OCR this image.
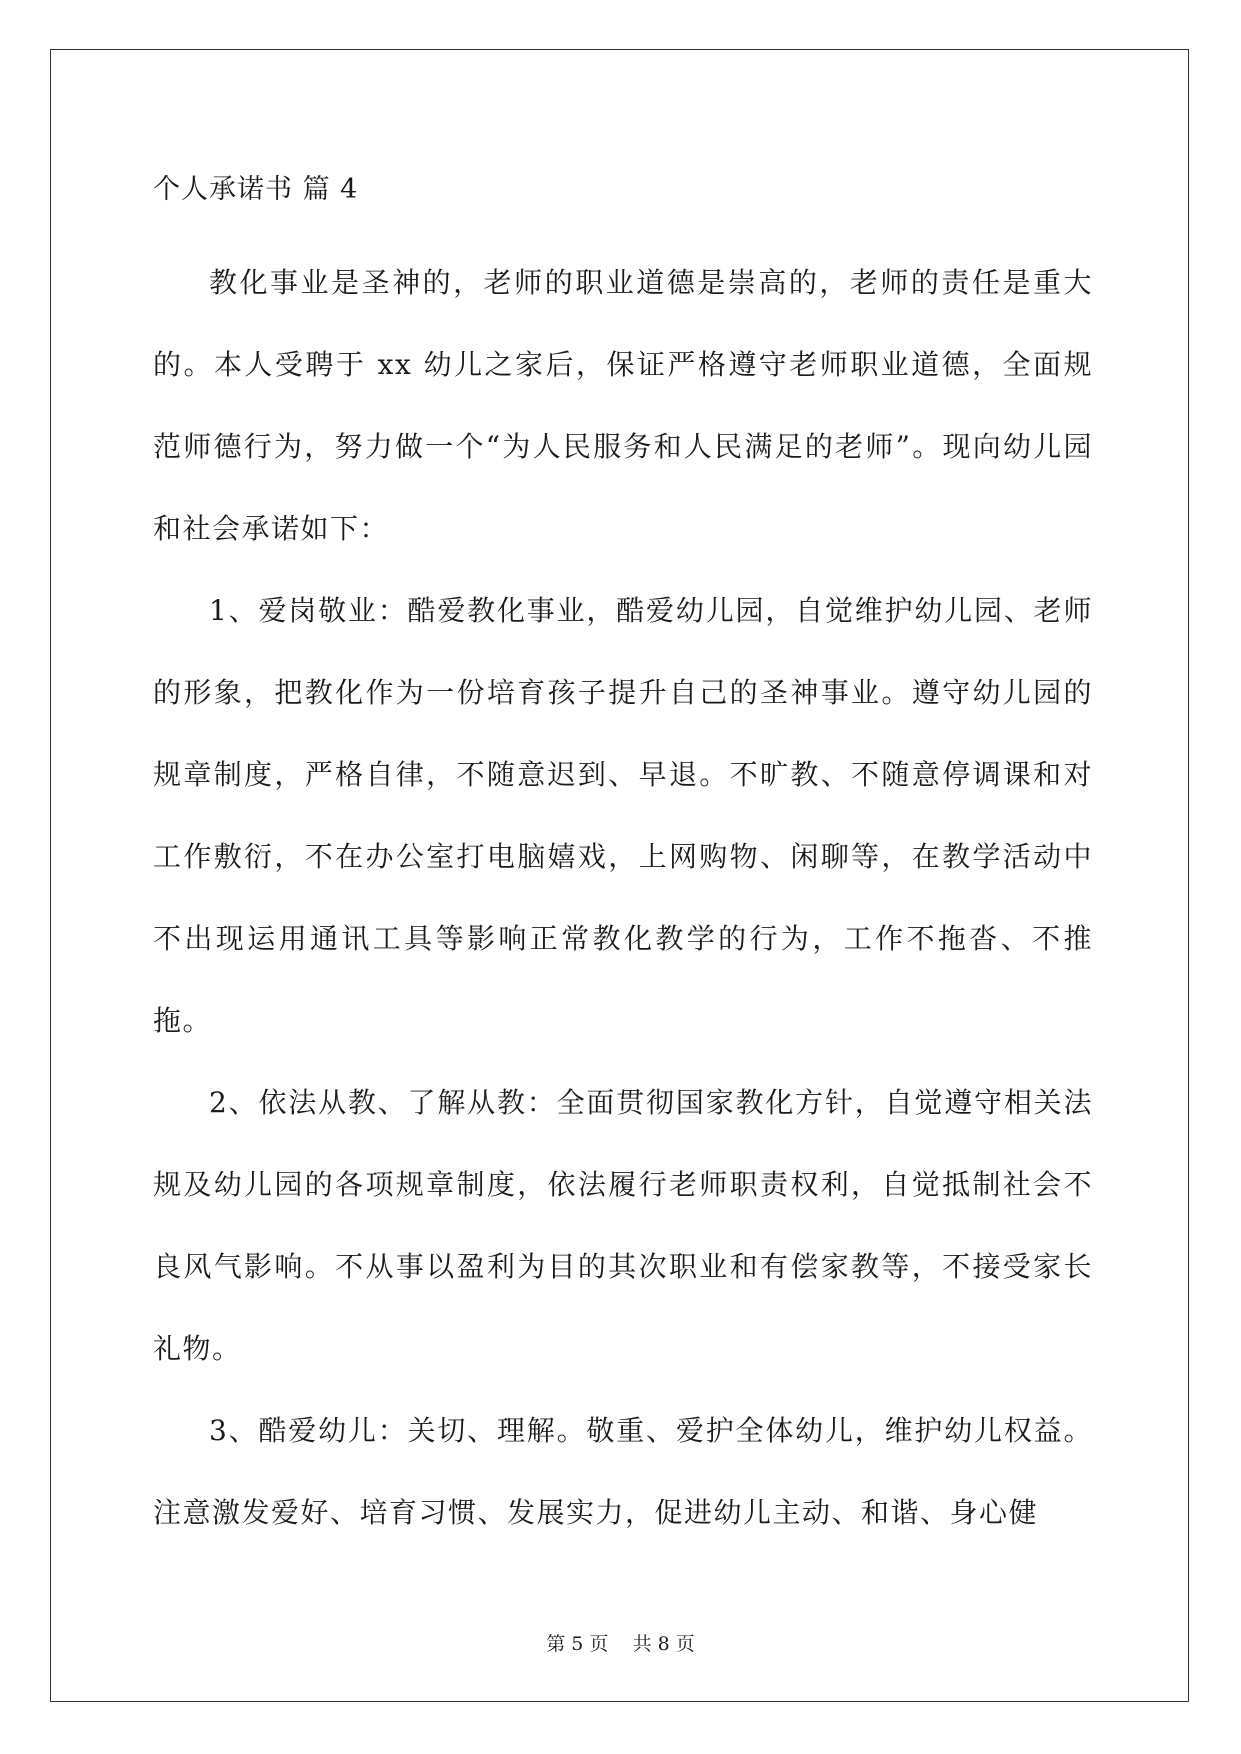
个人承诺书 篇 4

教化事业是圣神的，老师的职业道德是崇高的，老师的责任是重大的。本人受聘于 xx 幼儿之家后，保证严格遵守老师职业道德，全面规范师德行为，努力做一个“为人民服务和人民满足的老师”。现向幼儿园和社会承诺如下：

1、爱岗敬业：酷爱教化事业，酷爱幼儿园，自觉维护幼儿园、老师的形象，把教化作为一份培育孩子提升自己的圣神事业。遵守幼儿园的规章制度，严格自律，不随意迟到、早退。不旷教、不随意停调课和对工作敷衍，不在办公室打电脑嬉戏，上网购物、闲聊等，在教学活动中不出现运用通讯工具等影响正常教化教学的行为，工作不拖沓、不推拖。

2、依法从教、了解从教：全面贯彻国家教化方针，自觉遵守相关法规及幼儿园的各项规章制度，依法履行老师职责权利，自觉抵制社会不良风气影响。不从事以盈利为目的其次职业和有偿家教等，不接受家长礼物。

3、酷爱幼儿：关切、理解。敬重、爱护全体幼儿，维护幼儿权益。注意激发爱好、培育习惯、发展实力，促进幼儿主动、和谐、身心健

第 5 页    共 8 页
